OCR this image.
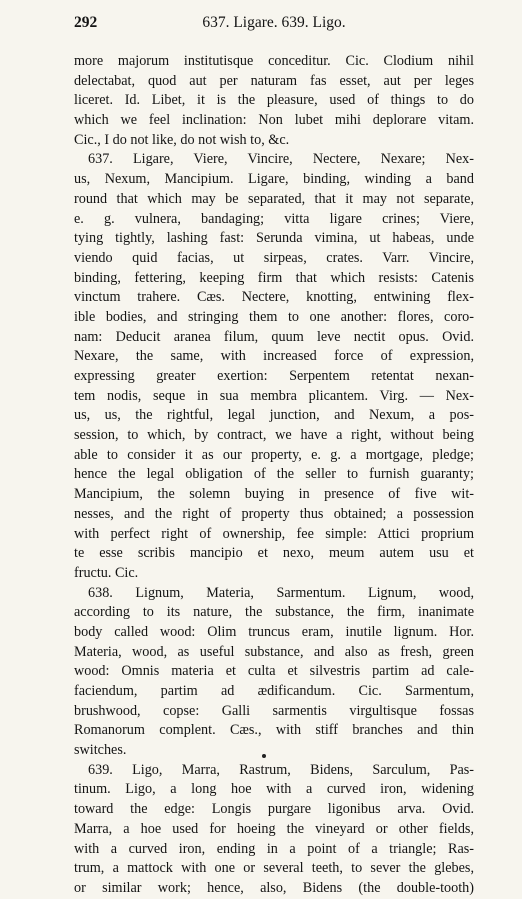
292	637. Ligare. 639. Ligo.
more majorum institutisque conceditur. Cic. Clodium nihil
delectabat, quod aut per naturam fas esset, aut per leges
liceret. Id. Libet, it is the pleasure, used of things to do
which we feel inclination: Non lubet mihi deplorare vitam.
Cic., I do not like, do not wish to, &c.
637. Ligare, Viere, Vincire, Nectere, Nexare; Nex-
us, Nexum, Mancipium. Ligare, binding, winding a band
round that which may be separated, that it may not separate,
e. g. vulnera, bandaging; vitta ligare crines; Viere,
tying tightly, lashing fast: Serunda vimina, ut habeas, unde
viendo quid facias, ut sirpeas, crates. Varr. Vincire,
binding, fettering, keeping firm that which resists: Catenis
vinctum trahere. Cæs. Nectere, knotting, entwining flex-
ible bodies, and stringing them to one another: flores, coro-
nam: Deducit aranea filum, quum leve nectit opus. Ovid.
Nexare, the same, with increased force of expression,
expressing greater exertion: Serpentem retentat nexan-
tem nodis, seque in sua membra plicantem. Virg. — Nex-
us, us, the rightful, legal junction, and Nexum, a pos-
session, to which, by contract, we have a right, without being
able to consider it as our property, e. g. a mortgage, pledge;
hence the legal obligation of the seller to furnish guaranty;
Mancipium, the solemn buying in presence of five wit-
nesses, and the right of property thus obtained; a possession
with perfect right of ownership, fee simple: Attici proprium
te esse scribis mancipio et nexo, meum autem usu et
fructu. Cic.
638. Lignum, Materia, Sarmentum. Lignum, wood,
according to its nature, the substance, the firm, inanimate
body called wood: Olim truncus eram, inutile lignum. Hor.
Materia, wood, as useful substance, and also as fresh, green
wood: Omnis materia et culta et silvestris partim ad cale-
faciendum, partim ad ædificandum. Cic. Sarmentum,
brushwood, copse: Galli sarmentis virgultisque fossas
Romanorum complent. Cæs., with stiff branches and thin
switches.
639. Ligo, Marra, Rastrum, Bidens, Sarculum, Pas-
tinum. Ligo, a long hoe with a curved iron, widening
toward the edge: Longis purgare ligonibus arva. Ovid.
Marra, a hoe used for hoeing the vineyard or other fields,
with a curved iron, ending in a point of a triangle; Ras-
trum, a mattock with one or several teeth, to sever the glebes,
or similar work; hence, also, Bidens (the double-tooth)
